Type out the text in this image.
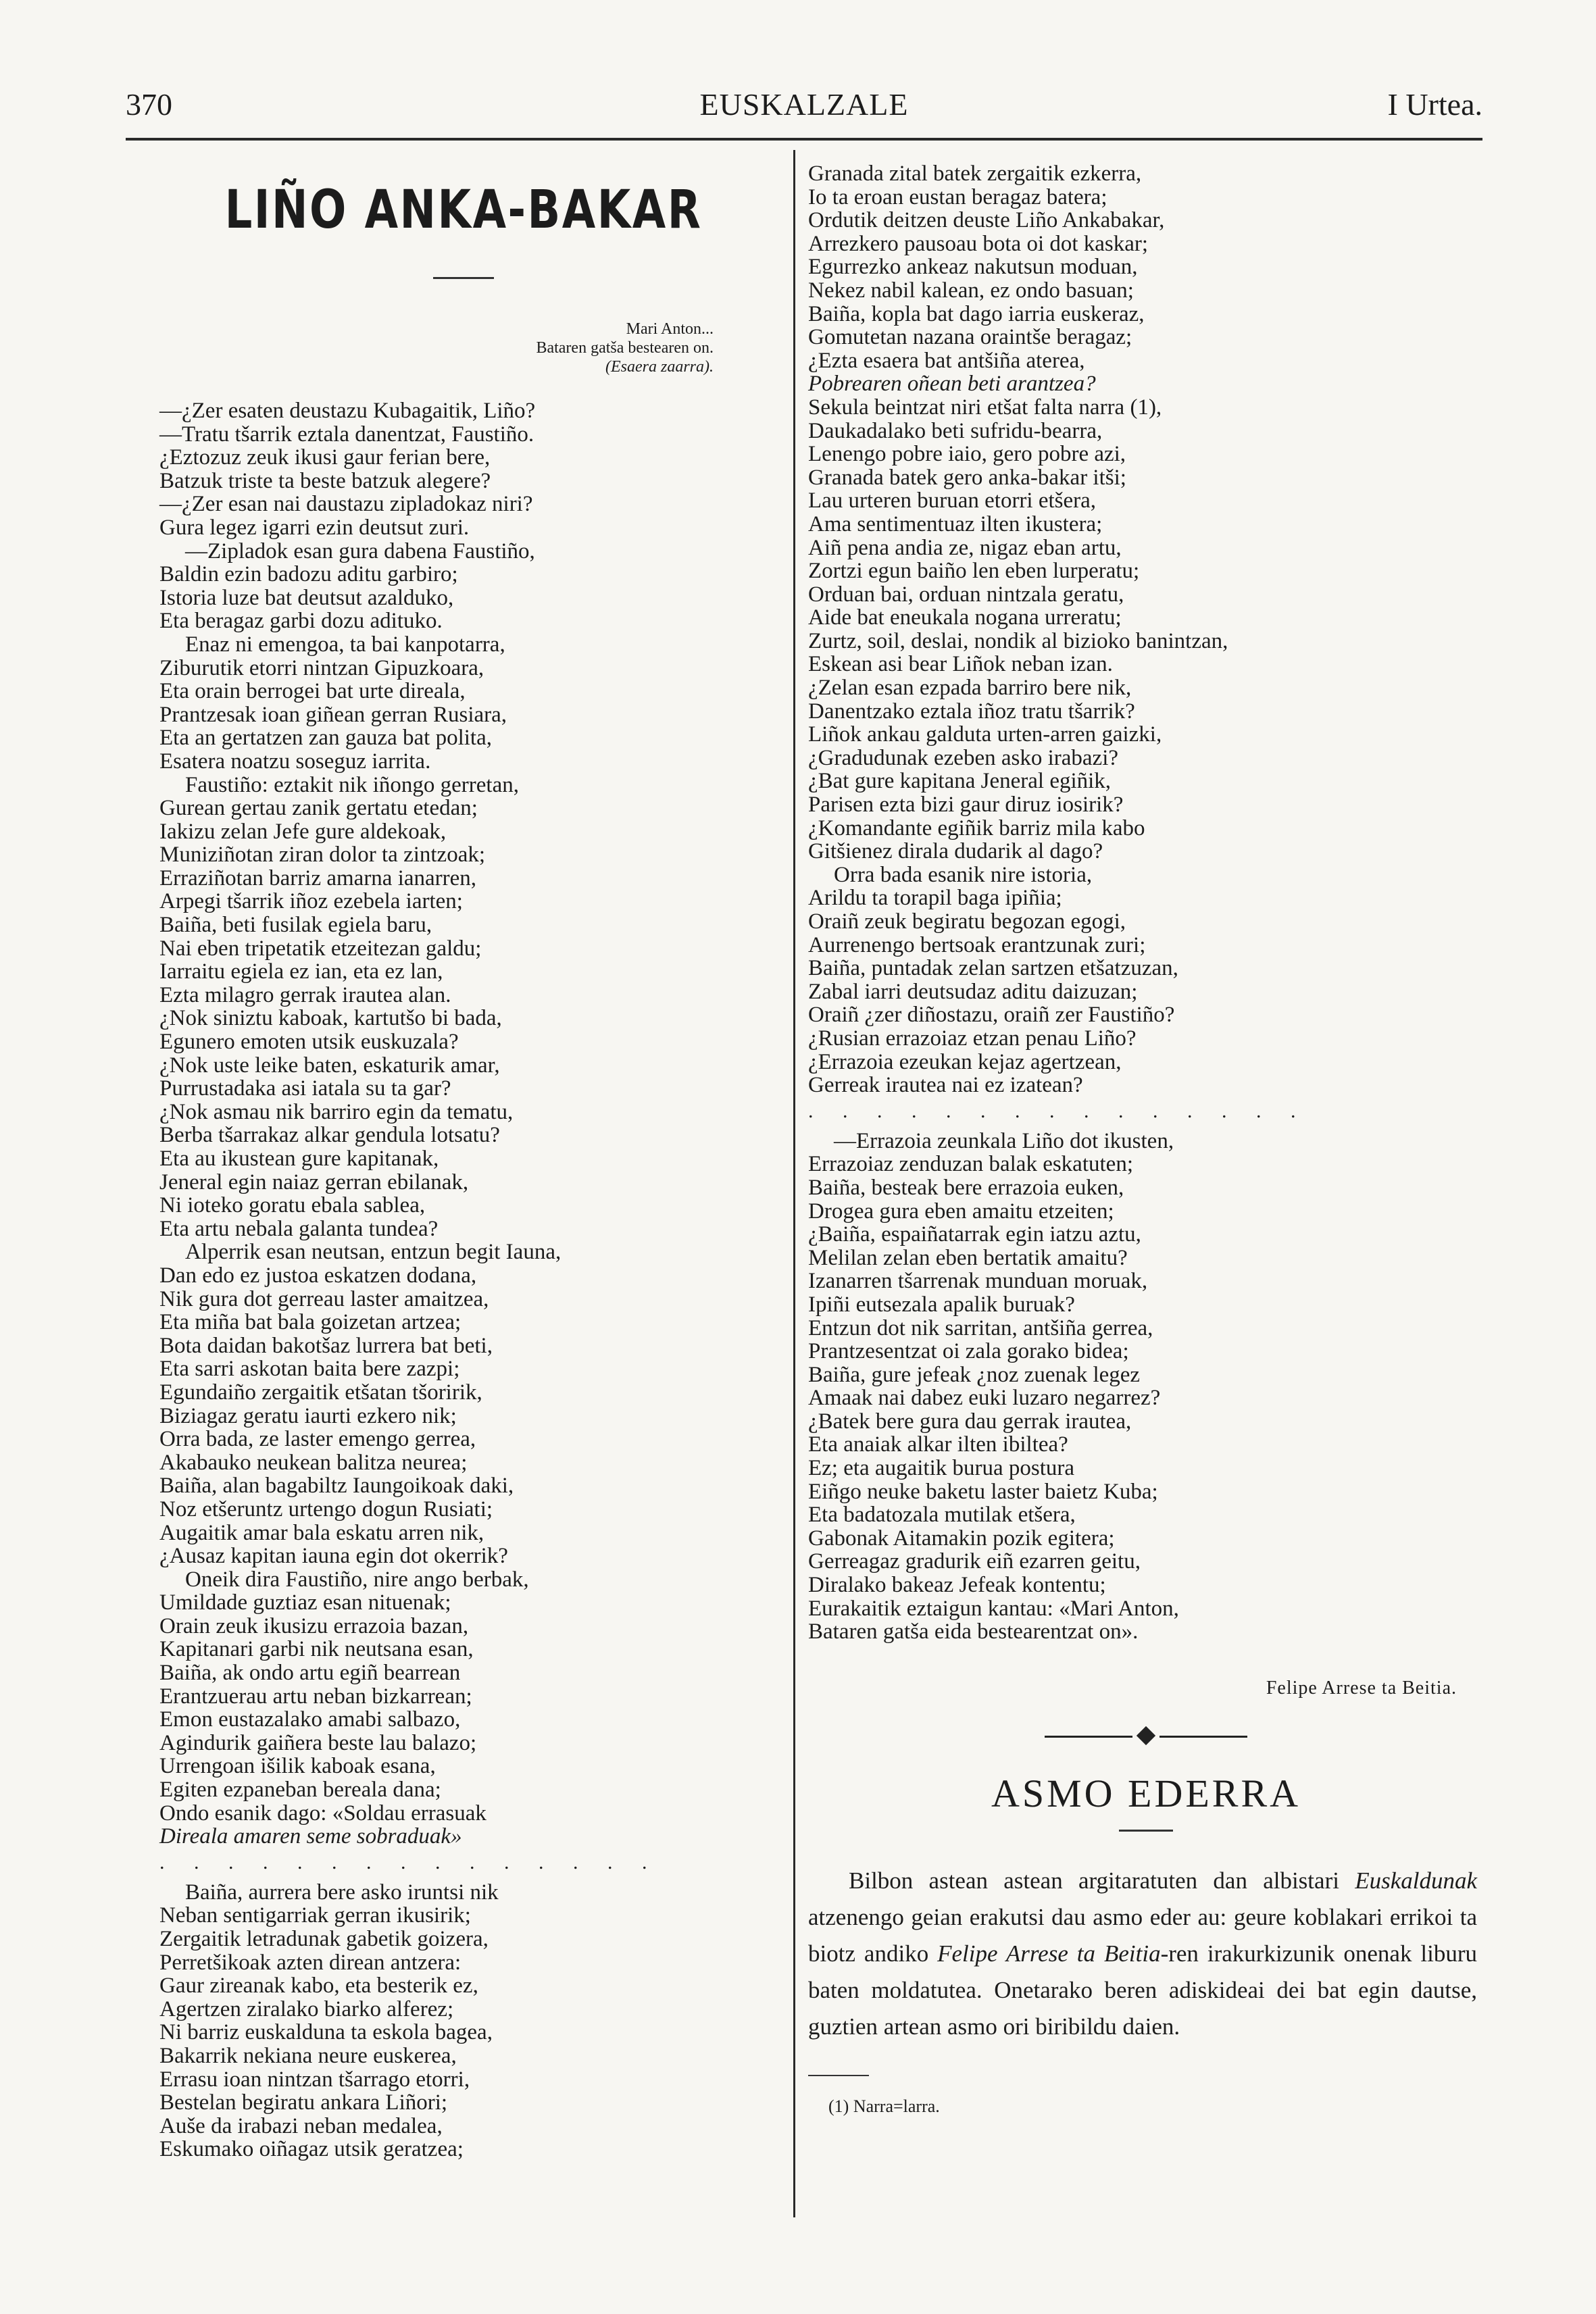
370	EUSKALZALE	I Urtea.
LIÑO ANKA-BAKAR
Mari Anton...
Bataren gatša bestearen on.
(Esaera zaarra).
—¿Zer esaten deustazu Kubagaitik, Liño?
—Tratu tšarrik eztala danentzat, Faustiño.
¿Eztozuz zeuk ikusi gaur ferian bere,
Batzuk triste ta beste batzuk alegere?
—¿Zer esan nai daustazu zipladokaz niri?
Gura legez igarri ezin deutsut zuri.
—Zipladok esan gura dabena Faustiño,
Baldin ezin badozu aditu garbiro;
Istoria luze bat deutsut azalduko,
Eta beragaz garbi dozu adituko.
Enaz ni emengoa, ta bai kanpotarra,
Ziburutik etorri nintzan Gipuzkoara,
Eta orain berrogei bat urte direala,
Prantzesak ioan giñean gerran Rusiara,
Eta an gertatzen zan gauza bat polita,
Esatera noatzu soseguz iarrita.
Faustiño: eztakit nik iñongo gerretan,
Gurean gertau zanik gertatu etedan;
Iakizu zelan Jefe gure aldekoak,
Muniziñotan ziran dolor ta zintzoak;
Erraziñotan barriz amarna ianarren,
Arpegi tšarrik iñoz ezebela iarten;
Baiña, beti fusilak egiela baru,
Nai eben tripetatik etzeitezan galdu;
Iarraitu egiela ez ian, eta ez lan,
Ezta milagro gerrak irautea alan.
¿Nok siniztu kaboak, kartutšo bi bada,
Egunero emoten utsik euskuzala?
¿Nok uste leike baten, eskaturik amar,
Purrustadaka asi iatala su ta gar?
¿Nok asmau nik barriro egin da tematu,
Berba tšarrakaz alkar gendula lotsatu?
Eta au ikustean gure kapitanak,
Jeneral egin naiaz gerran ebilanak,
Ni ioteko goratu ebala sablea,
Eta artu nebala galanta tundea?
Alperrik esan neutsan, entzun begit Iauna,
Dan edo ez justoa eskatzen dodana,
Nik gura dot gerreau laster amaitzea,
Eta miña bat bala goizetan artzea;
Bota daidan bakotšaz lurrera bat beti,
Eta sarri askotan baita bere zazpi;
Egundaiño zergaitik etšatan tšoririk,
Biziagaz geratu iaurti ezkero nik;
Orra bada, ze laster emengo gerrea,
Akabauko neukean balitza neurea;
Baiña, alan bagabiltz Iaungoikoak daki,
Noz etšeruntz urtengo dogun Rusiati;
Augaitik amar bala eskatu arren nik,
¿Ausaz kapitan iauna egin dot okerrik?
Oneik dira Faustiño, nire ango berbak,
Umildade guztiaz esan nituenak;
Orain zeuk ikusizu errazoia bazan,
Kapitanari garbi nik neutsana esan,
Baiña, ak ondo artu egiñ bearrean
Erantzuerau artu neban bizkarrean;
Emon eustazalako amabi salbazo,
Agindurik gaiñera beste lau balazo;
Urrengoan išilik kaboak esana,
Egiten ezpaneban bereala dana;
Ondo esanik dago: «Soldau errasuak
Direala amaren seme sobraduak»
. . . . . . . . . . . . . . .
Baiña, aurrera bere asko iruntsi nik
Neban sentigarriak gerran ikusirik;
Zergaitik letradunak gabetik goizera,
Perretšikoak azten direan antzera:
Gaur zireanak kabo, eta besterik ez,
Agertzen ziralako biarko alferez;
Ni barriz euskalduna ta eskola bagea,
Bakarrik nekiana neure euskerea,
Errasu ioan nintzan tšarrago etorri,
Bestelan begiratu ankara Liñori;
Auše da irabazi neban medalea,
Eskumako oiñagaz utsik geratzea;
Granada zital batek zergaitik ezkerra,
Io ta eroan eustan beragaz batera;
Ordutik deitzen deuste Liño Ankabakar,
Arrezkero pausoau bota oi dot kaskar;
Egurrezko ankeaz nakutsun moduan,
Nekez nabil kalean, ez ondo basuan;
Baiña, kopla bat dago iarria euskeraz,
Gomutetan nazana oraintše beragaz;
¿Ezta esaera bat antšiña aterea,
Pobrearen oñean beti arantzea?
Sekula beintzat niri etšat falta narra (1),
Daukadalako beti sufridu-bearra,
Lenengo pobre iaio, gero pobre azi,
Granada batek gero anka-bakar itši;
Lau urteren buruan etorri etšera,
Ama sentimentuaz ilten ikustera;
Aiñ pena andia ze, nigaz eban artu,
Zortzi egun baiño len eben lurperatu;
Orduan bai, orduan nintzala geratu,
Aide bat eneukala nogana urreratu;
Zurtz, soil, deslai, nondik al bizioko banintzan,
Eskean asi bear Liñok neban izan.
¿Zelan esan ezpada barriro bere nik,
Danentzako eztala iñoz tratu tšarrik?
Liñok ankau galduta urten-arren gaizki,
¿Gradudunak ezeben asko irabazi?
¿Bat gure kapitana Jeneral egiñik,
Parisen ezta bizi gaur diruz iosirik?
¿Komandante egiñik barriz mila kabo
Gitšienez dirala dudarik al dago?
Orra bada esanik nire istoria,
Arildu ta torapil baga ipiñia;
Oraiñ zeuk begiratu begozan egogi,
Aurrenengo bertsoak erantzunak zuri;
Baiña, puntadak zelan sartzen etšatzuzan,
Zabal iarri deutsudaz aditu daizuzan;
Oraiñ ¿zer diñostazu, oraiñ zer Faustiño?
¿Rusian errazoiaz etzan penau Liño?
¿Errazoia ezeukan kejaz agertzean,
Gerreak irautea nai ez izatean?
. . . . . . . . . . . . . . .
—Errazoia zeunkala Liño dot ikusten,
Errazoiaz zenduzan balak eskatuten;
Baiña, besteak bere errazoia euken,
Drogea gura eben amaitu etzeiten;
¿Baiña, espaiñatarrak egin iatzu aztu,
Melilan zelan eben bertatik amaitu?
Izanarren tšarrenak munduan moruak,
Ipiñi eutsezala apalik buruak?
Entzun dot nik sarritan, antšiña gerrea,
Prantzesentzat oi zala gorako bidea;
Baiña, gure jefeak ¿noz zuenak legez
Amaak nai dabez euki luzaro negarrez?
¿Batek bere gura dau gerrak irautea,
Eta anaiak alkar ilten ibiltea?
Ez; eta augaitik burua postura
Eiñgo neuke baketu laster baietz Kuba;
Eta badatozala mutilak etšera,
Gabonak Aitamakin pozik egitera;
Gerreagaz gradurik eiñ ezarren geitu,
Diralako bakeaz Jefeak kontentu;
Eurakaitik eztaigun kantau: «Mari Anton,
Bataren gatša eida bestearentzat on».
Felipe Arrese ta Beitia.
ASMO EDERRA

Bilbon astean astean argitaratuten dan albistari Euskaldunak atzenengo geian erakutsi dau asmo eder au: geure koblakari errikoi ta biotz andiko Felipe Arrese ta Beitia-ren irakurkizunik onenak liburu baten moldatutea. Onetarako beren adiskideai dei bat egin dautse, guztien artean asmo ori biribildu daien.

(1) Narra=larra.
